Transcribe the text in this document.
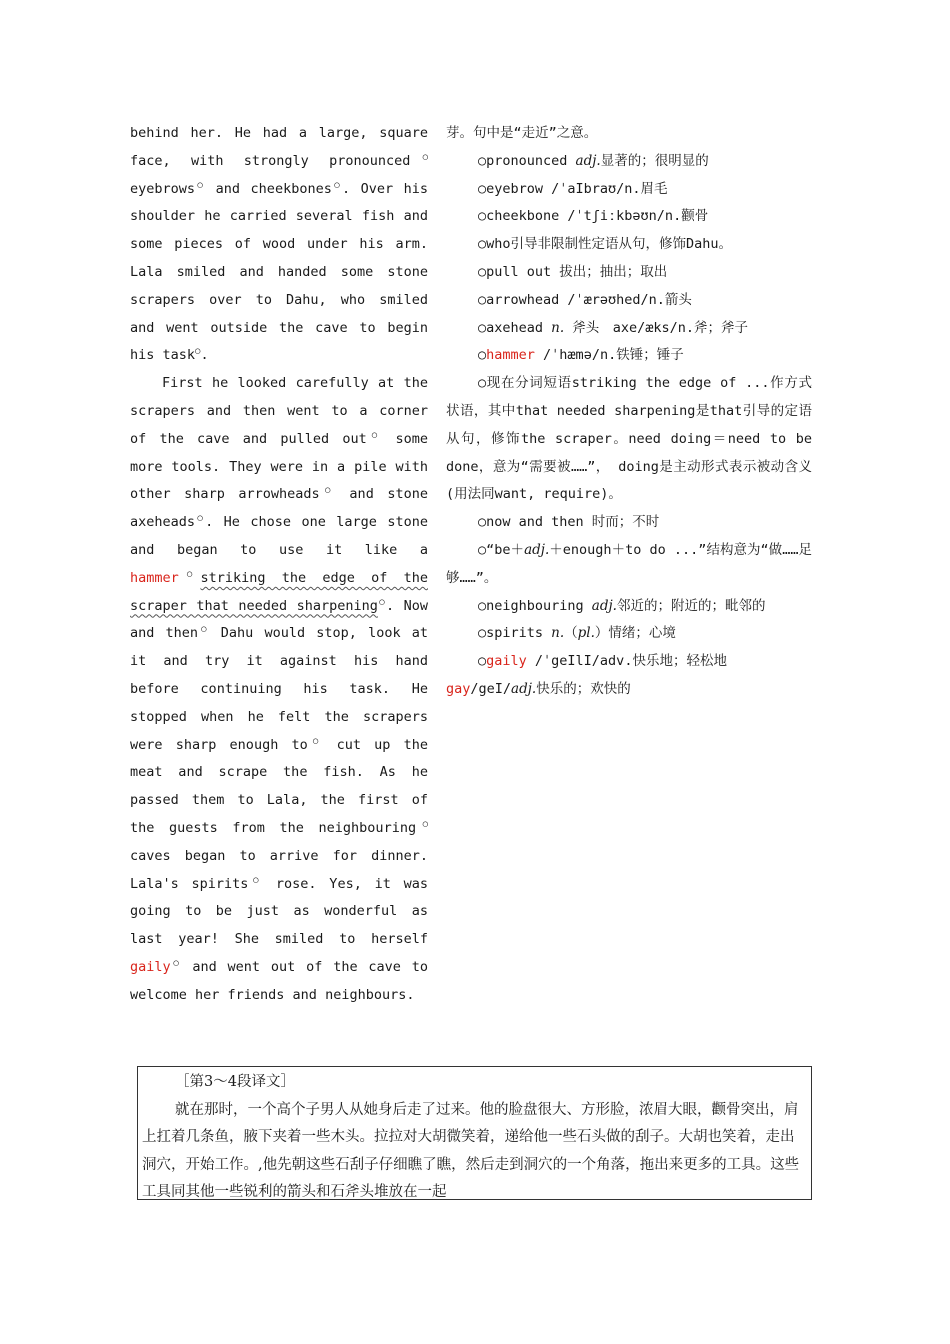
behind her. He had a large, square face, with strongly pronounced○ eyebrows○ and cheekbones○. Over his shoulder he carried several fish and some pieces of wood under his arm. Lala smiled and handed some stone scrapers over to Dahu, who smiled and went outside the cave to begin his task○.

First he looked carefully at the scrapers and then went to a corner of the cave and pulled out○ some more tools. They were in a pile with other sharp arrowheads○ and stone axeheads○. He chose one large stone and began to use it like a hammer○striking the edge of the scraper that needed sharpening○. Now and then○ Dahu would stop, look at it and try it against his hand before continuing his task. He stopped when he felt the scrapers were sharp enough to○ cut up the meat and scrape the fish. As he passed them to Lala, the first of the guests from the neighbouring○ caves began to arrive for dinner. Lala's spirits○ rose. Yes, it was going to be just as wonderful as last year! She smiled to herself gaily○ and went out of the cave to welcome her friends and neighbours.

芽。句中是“走近”之意。

○pronounced adj.显著的；很明显的

○eyebrow /ˈaIbraʊ/n.眉毛

○cheekbone /ˈtʃiːkbəʊn/n.颧骨

○who引导非限制性定语从句，修饰Dahu。

○pull out 拔出；抽出；取出

○arrowhead /ˈærəʊhed/n.箭头

○axehead n. 斧头　axe/æks/n.斧；斧子

○hammer /ˈhæmə/n.铁锤；锤子

○现在分词短语striking the edge of ...作方式状语，其中that needed sharpening是that引导的定语从句，修饰the scraper。need doing＝need to be done，意为“需要被……”， doing是主动形式表示被动含义(用法同want, require)。

○now and then 时而；不时

○“be＋adj.＋enough＋to do ...”结构意为“做……足够……”。

○neighbouring adj.邻近的；附近的；毗邻的

○spirits n.（pl.）情绪；心境

○gaily /ˈgeIlI/adv.快乐地；轻松地

gay/geI/adj.快乐的；欢快的

［第3～4段译文］

就在那时，一个高个子男人从她身后走了过来。他的脸盘很大、方形脸，浓眉大眼，颧骨突出，肩上扛着几条鱼，腋下夹着一些木头。拉拉对大胡微笑着，递给他一些石头做的刮子。大胡也笑着，走出洞穴，开始工作。,他先朝这些石刮子仔细瞧了瞧，然后走到洞穴的一个角落，拖出来更多的工具。这些工具同其他一些锐利的箭头和石斧头堆放在一起
